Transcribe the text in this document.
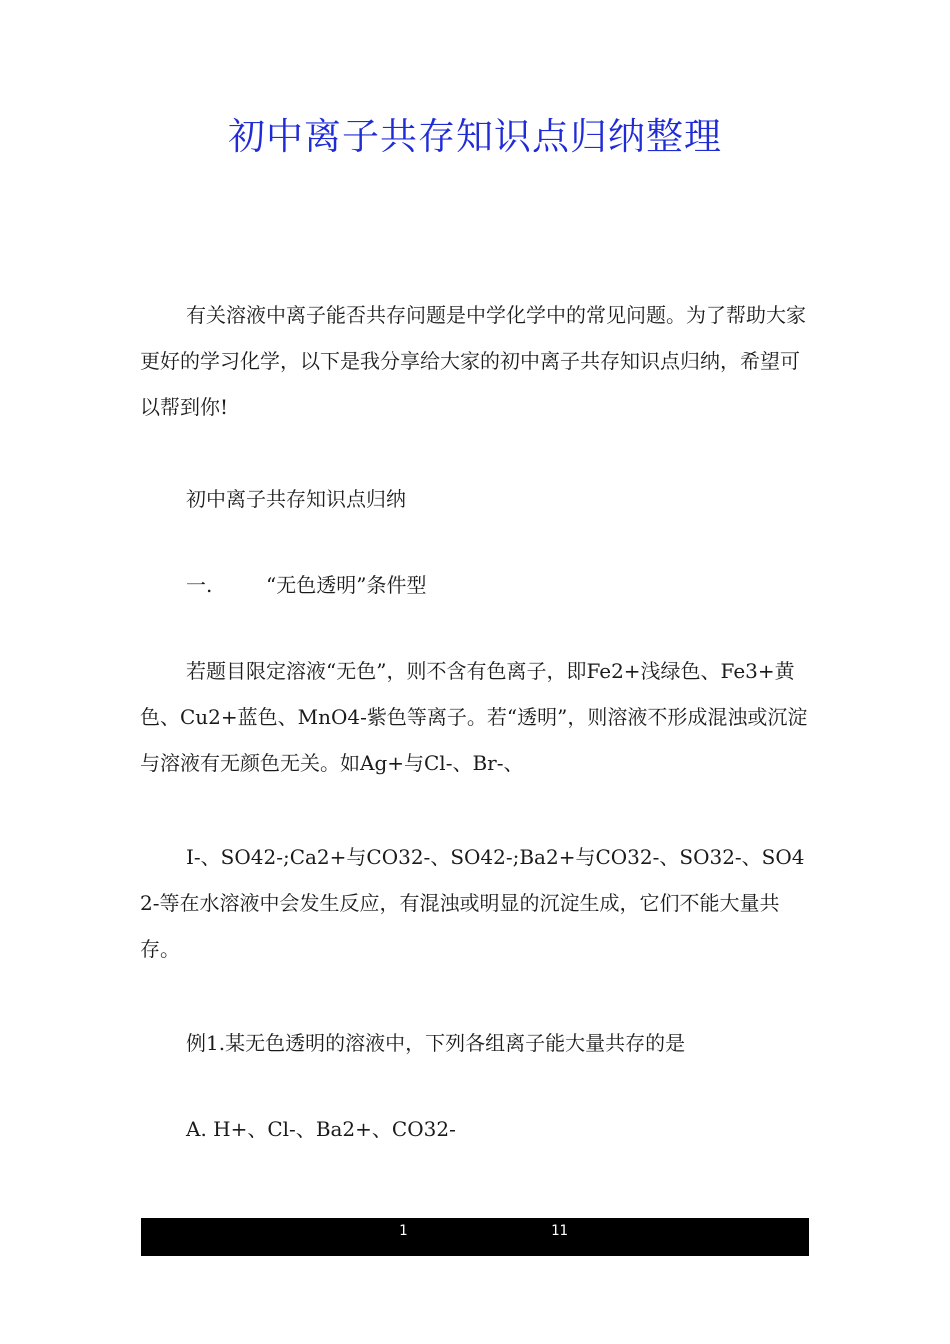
初中离子共存知识点归纳整理

有关溶液中离子能否共存问题是中学化学中的常见问题。为了帮助大家更好的学习化学，以下是我分享给大家的初中离子共存知识点归纳，希望可以帮到你!

初中离子共存知识点归纳

一.	“无色透明”条件型

若题目限定溶液“无色”，则不含有色离子，即Fe2+浅绿色、Fe3+黄色、Cu2+蓝色、MnO4-紫色等离子。若“透明”，则溶液不形成混浊或沉淀与溶液有无颜色无关。如Ag+与Cl-、Br-、

I-、SO42-;Ca2+与CO32-、SO42-;Ba2+与CO32-、SO32-、SO42-等在水溶液中会发生反应，有混浊或明显的沉淀生成，它们不能大量共存。

例1.某无色透明的溶液中，下列各组离子能大量共存的是

A. H+、Cl-、Ba2+、CO32-

1	11
